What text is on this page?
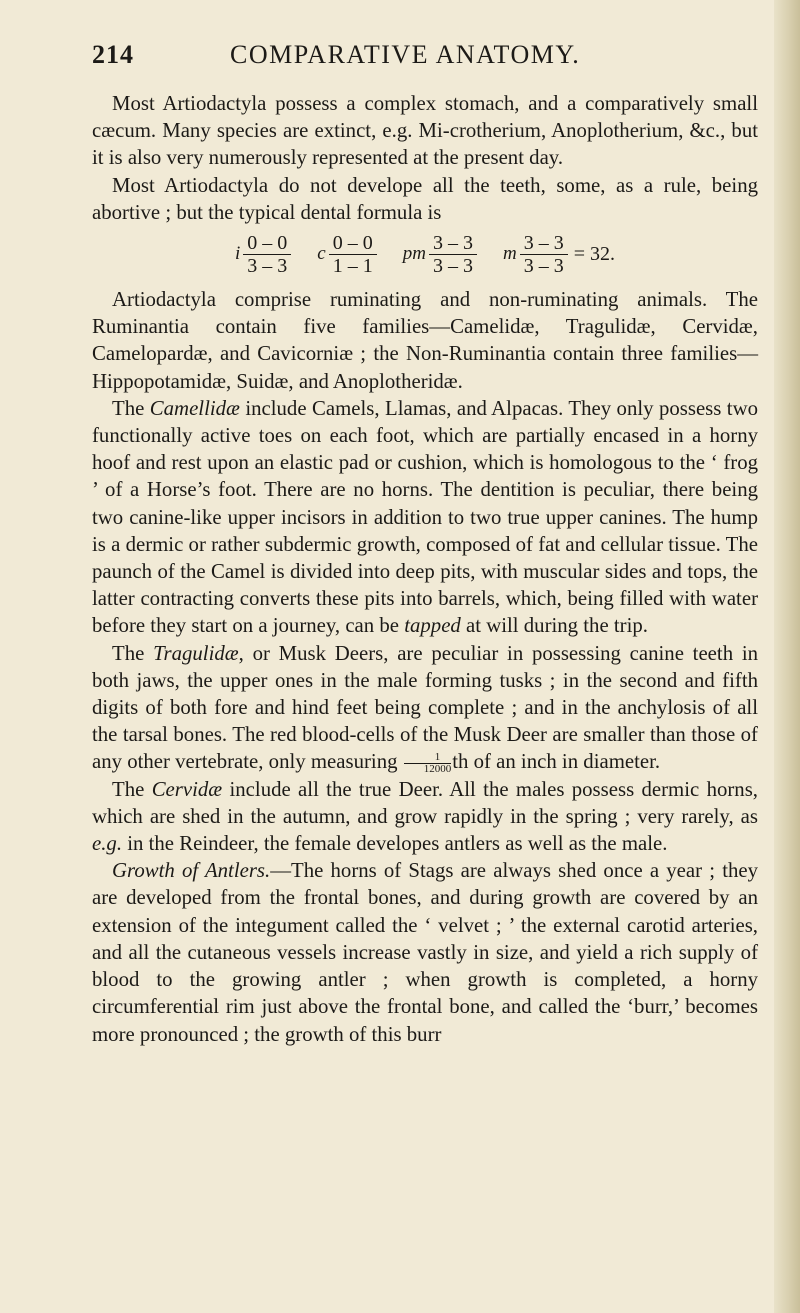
214	COMPARATIVE ANATOMY.

Most Artiodactyla possess a complex stomach, and a comparatively small cæcum. Many species are extinct, e.g. Mi-crotherium, Anoplotherium, &c., but it is also very numerously represented at the present day.

Most Artiodactyla do not develope all the teeth, some, as a rule, being abortive ; but the typical dental formula is

i $\frac{0 - 0}{3 - 3}$ c $\frac{0 - 0}{1 - 1}$ pm $\frac{3 - 3}{3 - 3}$ m $\frac{3 - 3}{3 - 3} = 32$.

Artiodactyla comprise ruminating and non-ruminating animals. The Ruminantia contain five families—Camelidæ, Tragulidæ, Cervidæ, Camelopardæ, and Cavicorniæ ; the Non-Ruminantia contain three families—Hippopotamidæ, Suidæ, and Anoplotheridæ.

The Camellidæ include Camels, Llamas, and Alpacas. They only possess two functionally active toes on each foot, which are partially encased in a horny hoof and rest upon an elastic pad or cushion, which is homologous to the ‘ frog ’ of a Horse’s foot. There are no horns. The dentition is peculiar, there being two canine-like upper incisors in addition to two true upper canines. The hump is a dermic or rather subdermic growth, composed of fat and cellular tissue. The paunch of the Camel is divided into deep pits, with muscular sides and tops, the latter contracting converts these pits into barrels, which, being filled with water before they start on a journey, can be tapped at will during the trip.

The Tragulidæ, or Musk Deers, are peculiar in possessing canine teeth in both jaws, the upper ones in the male forming tusks ; in the second and fifth digits of both fore and hind feet being complete ; and in the anchylosis of all the tarsal bones. The red blood-cells of the Musk Deer are smaller than those of any other vertebrate, only measuring $\frac{1}{12000}$ th of an inch in diameter.

The Cervidæ include all the true Deer. All the males possess dermic horns, which are shed in the autumn, and grow rapidly in the spring ; very rarely, as e.g. in the Reindeer, the female developes antlers as well as the male.

Growth of Antlers.—The horns of Stags are always shed once a year ; they are developed from the frontal bones, and during growth are covered by an extension of the integument called the ‘ velvet ; ’ the external carotid arteries, and all the cutaneous vessels increase vastly in size, and yield a rich supply of blood to the growing antler ; when growth is completed, a horny circumferential rim just above the frontal bone, and called the ‘burr,’ becomes more pronounced ; the growth of this burr
